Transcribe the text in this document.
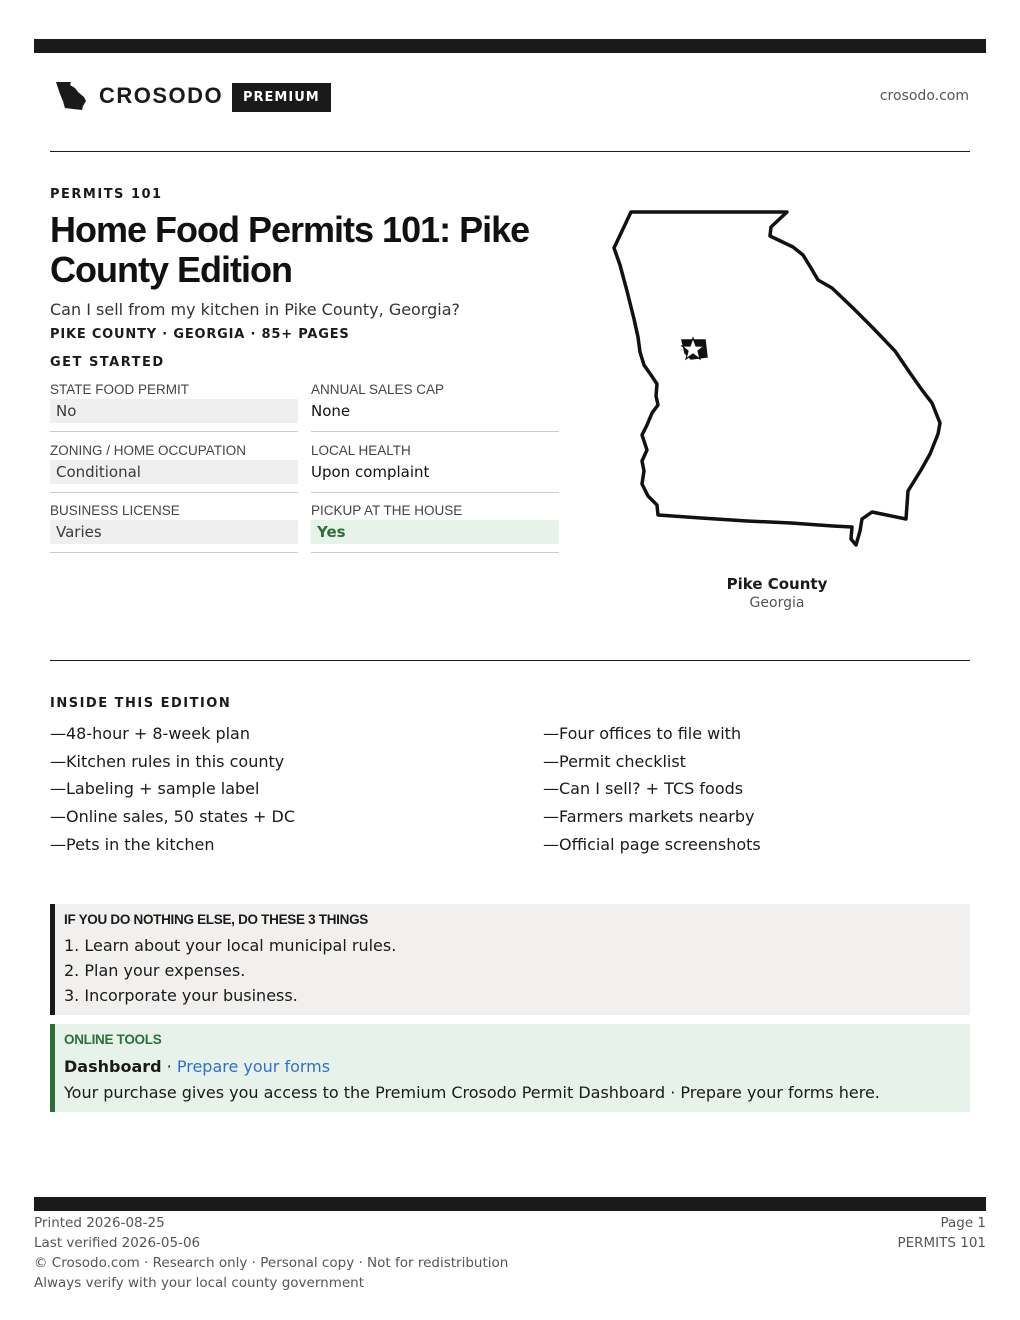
CROSODO	PREMIUM	crosodo.com
PERMITS 101
Home Food Permits 101: Pike County Edition
Can I sell from my kitchen in Pike County, Georgia?
PIKE COUNTY · GEORGIA · 85+ PAGES
GET STARTED
STATE FOOD PERMIT
No
ANNUAL SALES CAP
None
ZONING / HOME OCCUPATION
Conditional
LOCAL HEALTH
Upon complaint
BUSINESS LICENSE
Varies
PICKUP AT THE HOUSE
Yes
Pike County
Georgia
INSIDE THIS EDITION
—48-hour + 8-week plan
—Kitchen rules in this county
—Labeling + sample label
—Online sales, 50 states + DC
—Pets in the kitchen
—Four offices to file with
—Permit checklist
—Can I sell? + TCS foods
—Farmers markets nearby
—Official page screenshots
IF YOU DO NOTHING ELSE, DO THESE 3 THINGS
1. Learn about your local municipal rules.
2. Plan your expenses.
3. Incorporate your business.
ONLINE TOOLS
Dashboard · Prepare your forms
Your purchase gives you access to the Premium Crosodo Permit Dashboard · Prepare your forms here.
Printed 2026-08-25
Last verified 2026-05-06
© Crosodo.com · Research only · Personal copy · Not for redistribution
Always verify with your local county government
Page 1
PERMITS 101
